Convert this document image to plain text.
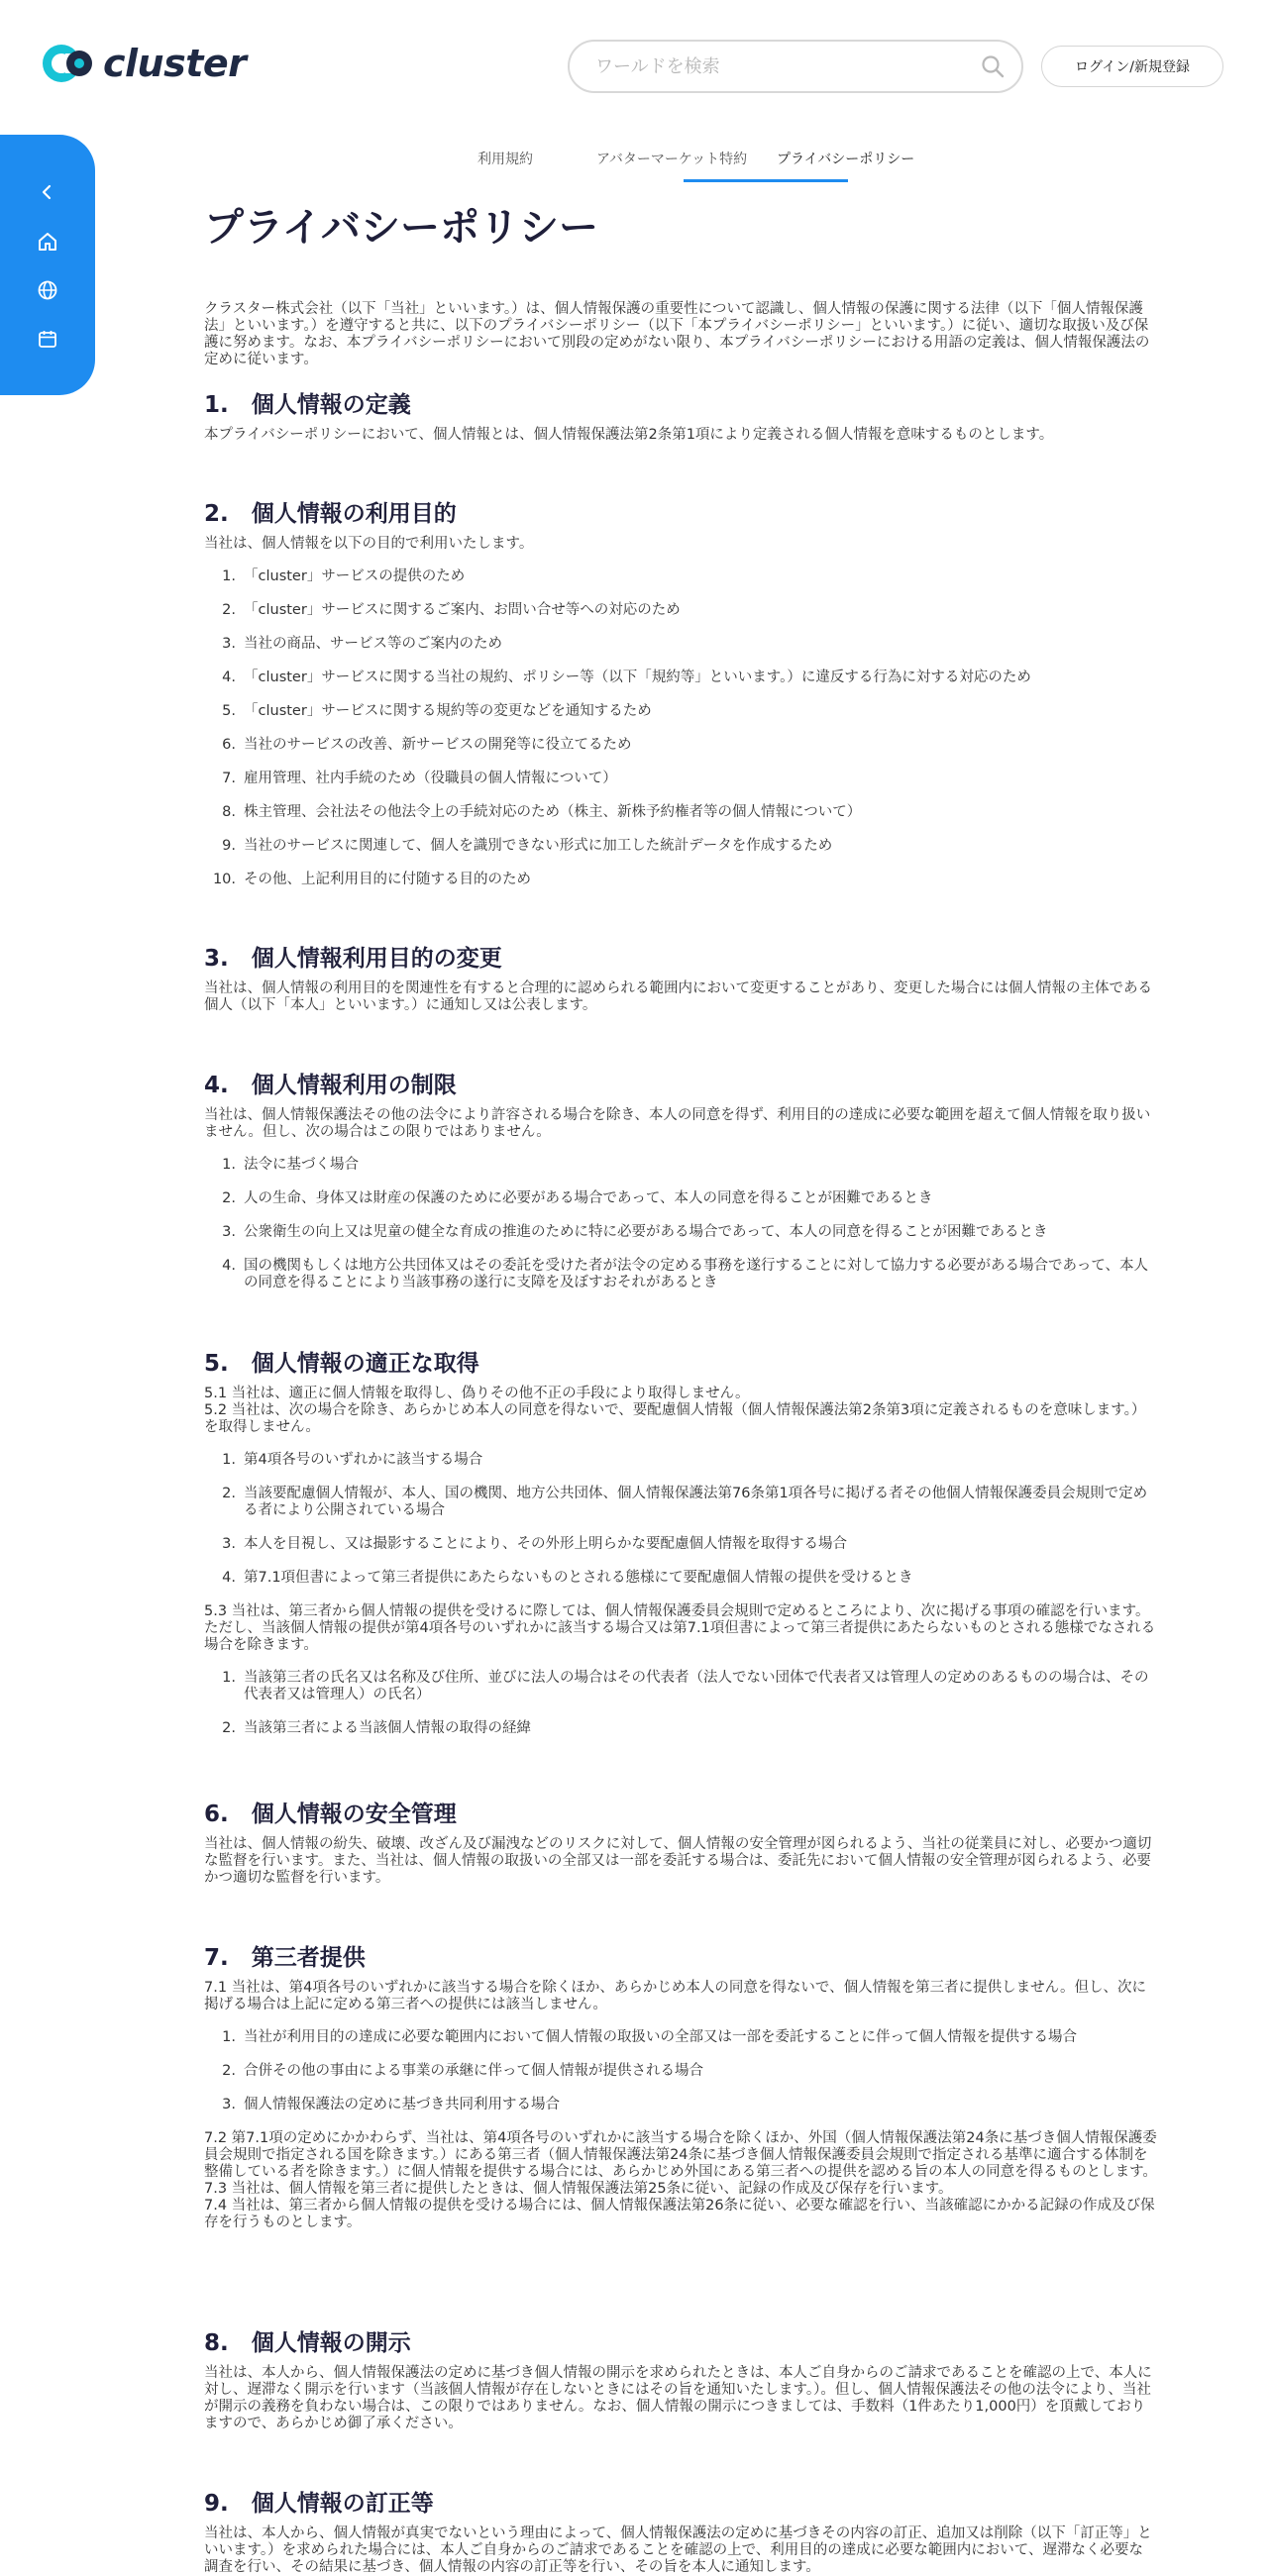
cluster
ワールドを検索	ログイン/新規登録
利用規約	アバターマーケット特約 プライバシーポリシー
プライバシーポリシー

クラスター株式会社（以下「当社」といいます。）は、個人情報保護の重要性について認識し、個人情報の保護に関する法律（以下「個人情報保護法」といいます。）を遵守すると共に、以下のプライバシーポリシー（以下「本プライバシーポリシー」といいます。）に従い、適切な取扱い及び保護に努めます。なお、本プライバシーポリシーにおいて別段の定めがない限り、本プライバシーポリシーにおける用語の定義は、個人情報保護法の定めに従います。

1.　個人情報の定義

本プライバシーポリシーにおいて、個人情報とは、個人情報保護法第2条第1項により定義される個人情報を意味するものとします。

2.　個人情報の利用目的

当社は、個人情報を以下の目的で利用いたします。

1. 「cluster」サービスの提供のため
2. 「cluster」サービスに関するご案内、お問い合せ等への対応のため
3. 当社の商品、サービス等のご案内のため
4. 「cluster」サービスに関する当社の規約、ポリシー等（以下「規約等」といいます。）に違反する行為に対する対応のため
5. 「cluster」サービスに関する規約等の変更などを通知するため
6. 当社のサービスの改善、新サービスの開発等に役立てるため
7. 雇用管理、社内手続のため（役職員の個人情報について）
8. 株主管理、会社法その他法令上の手続対応のため（株主、新株予約権者等の個人情報について）
9. 当社のサービスに関連して、個人を識別できない形式に加工した統計データを作成するため
10. その他、上記利用目的に付随する目的のため
3.　個人情報利用目的の変更

当社は、個人情報の利用目的を関連性を有すると合理的に認められる範囲内において変更することがあり、変更した場合には個人情報の主体である個人（以下「本人」といいます。）に通知し又は公表します。

4.　個人情報利用の制限

当社は、個人情報保護法その他の法令により許容される場合を除き、本人の同意を得ず、利用目的の達成に必要な範囲を超えて個人情報を取り扱いません。但し、次の場合はこの限りではありません。

1. 法令に基づく場合
2. 人の生命、身体又は財産の保護のために必要がある場合であって、本人の同意を得ることが困難であるとき
3. 公衆衛生の向上又は児童の健全な育成の推進のために特に必要がある場合であって、本人の同意を得ることが困難であるとき
4. 国の機関もしくは地方公共団体又はその委託を受けた者が法令の定める事務を遂行することに対して協力する必要がある場合であって、本人の同意を得ることにより当該事務の遂行に支障を及ぼすおそれがあるとき
5.　個人情報の適正な取得

5.1 当社は、適正に個人情報を取得し、偽りその他不正の手段により取得しません。

5.2 当社は、次の場合を除き、あらかじめ本人の同意を得ないで、要配慮個人情報（個人情報保護法第2条第3項に定義されるものを意味します。）を取得しません。

1. 第4項各号のいずれかに該当する場合
2. 当該要配慮個人情報が、本人、国の機関、地方公共団体、個人情報保護法第76条第1項各号に掲げる者その他個人情報保護委員会規則で定める者により公開されている場合
3. 本人を目視し、又は撮影することにより、その外形上明らかな要配慮個人情報を取得する場合
4. 第7.1項但書によって第三者提供にあたらないものとされる態様にて要配慮個人情報の提供を受けるとき

5.3 当社は、第三者から個人情報の提供を受けるに際しては、個人情報保護委員会規則で定めるところにより、次に掲げる事項の確認を行います。ただし、当該個人情報の提供が第4項各号のいずれかに該当する場合又は第7.1項但書によって第三者提供にあたらないものとされる態様でなされる場合を除きます。

1. 当該第三者の氏名又は名称及び住所、並びに法人の場合はその代表者（法人でない団体で代表者又は管理人の定めのあるものの場合は、その代表者又は管理人）の氏名）
2. 当該第三者による当該個人情報の取得の経緯
6.　個人情報の安全管理

当社は、個人情報の紛失、破壊、改ざん及び漏洩などのリスクに対して、個人情報の安全管理が図られるよう、当社の従業員に対し、必要かつ適切な監督を行います。また、当社は、個人情報の取扱いの全部又は一部を委託する場合は、委託先において個人情報の安全管理が図られるよう、必要かつ適切な監督を行います。

7.　第三者提供

7.1 当社は、第4項各号のいずれかに該当する場合を除くほか、あらかじめ本人の同意を得ないで、個人情報を第三者に提供しません。但し、次に掲げる場合は上記に定める第三者への提供には該当しません。

1. 当社が利用目的の達成に必要な範囲内において個人情報の取扱いの全部又は一部を委託することに伴って個人情報を提供する場合
2. 合併その他の事由による事業の承継に伴って個人情報が提供される場合
3. 個人情報保護法の定めに基づき共同利用する場合

7.2 第7.1項の定めにかかわらず、当社は、第4項各号のいずれかに該当する場合を除くほか、外国（個人情報保護法第24条に基づき個人情報保護委員会規則で指定される国を除きます。）にある第三者（個人情報保護法第24条に基づき個人情報保護委員会規則で指定される基準に適合する体制を整備している者を除きます。）に個人情報を提供する場合には、あらかじめ外国にある第三者への提供を認める旨の本人の同意を得るものとします。

7.3 当社は、個人情報を第三者に提供したときは、個人情報保護法第25条に従い、記録の作成及び保存を行います。

7.4 当社は、第三者から個人情報の提供を受ける場合には、個人情報保護法第26条に従い、必要な確認を行い、当該確認にかかる記録の作成及び保存を行うものとします。

8.　個人情報の開示

当社は、本人から、個人情報保護法の定めに基づき個人情報の開示を求められたときは、本人ご自身からのご請求であることを確認の上で、本人に対し、遅滞なく開示を行います（当該個人情報が存在しないときにはその旨を通知いたします。）。但し、個人情報保護法その他の法令により、当社が開示の義務を負わない場合は、この限りではありません。なお、個人情報の開示につきましては、手数料（1件あたり1,000円）を頂戴しておりますので、あらかじめ御了承ください。

9.　個人情報の訂正等

当社は、本人から、個人情報が真実でないという理由によって、個人情報保護法の定めに基づきその内容の訂正、追加又は削除（以下「訂正等」といいます。）を求められた場合には、本人ご自身からのご請求であることを確認の上で、利用目的の達成に必要な範囲内において、遅滞なく必要な調査を行い、その結果に基づき、個人情報の内容の訂正等を行い、その旨を本人に通知します。
